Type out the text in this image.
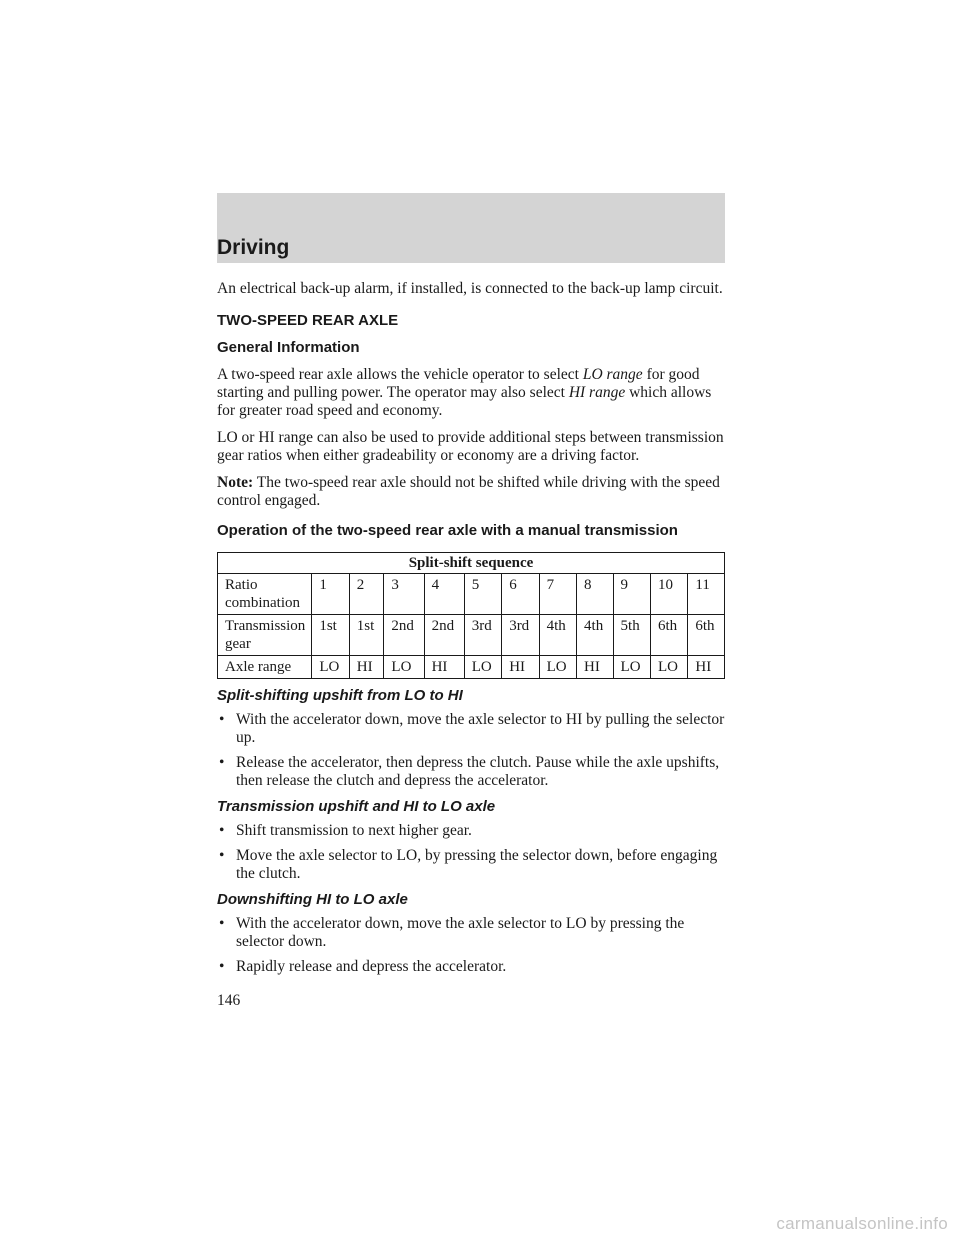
Driving

An electrical back-up alarm, if installed, is connected to the back-up lamp circuit.

TWO-SPEED REAR AXLE
General Information

A two-speed rear axle allows the vehicle operator to select LO range for good starting and pulling power. The operator may also select HI range which allows for greater road speed and economy.

LO or HI range can also be used to provide additional steps between transmission gear ratios when either gradeability or economy are a driving factor.

Note: The two-speed rear axle should not be shifted while driving with the speed control engaged.

Operation of the two-speed rear axle with a manual transmission
Split-shift sequence											
Ratio combination	1	2	3	4	5	6	7	8	9	10	11
Transmission gear	1st	1st	2nd	2nd	3rd	3rd	4th	4th	5th	6th	6th
Axle range	LO	HI	LO	HI	LO	HI	LO	HI	LO	LO	HI
Split-shifting upshift from LO to HI
• With the accelerator down, move the axle selector to HI by pulling the selector up.
• Release the accelerator, then depress the clutch. Pause while the axle upshifts, then release the clutch and depress the accelerator.
Transmission upshift and HI to LO axle
• Shift transmission to next higher gear.
• Move the axle selector to LO, by pressing the selector down, before engaging the clutch.
Downshifting HI to LO axle
• With the accelerator down, move the axle selector to LO by pressing the selector down.
• Rapidly release and depress the accelerator.
146
carmanualsonline.info
